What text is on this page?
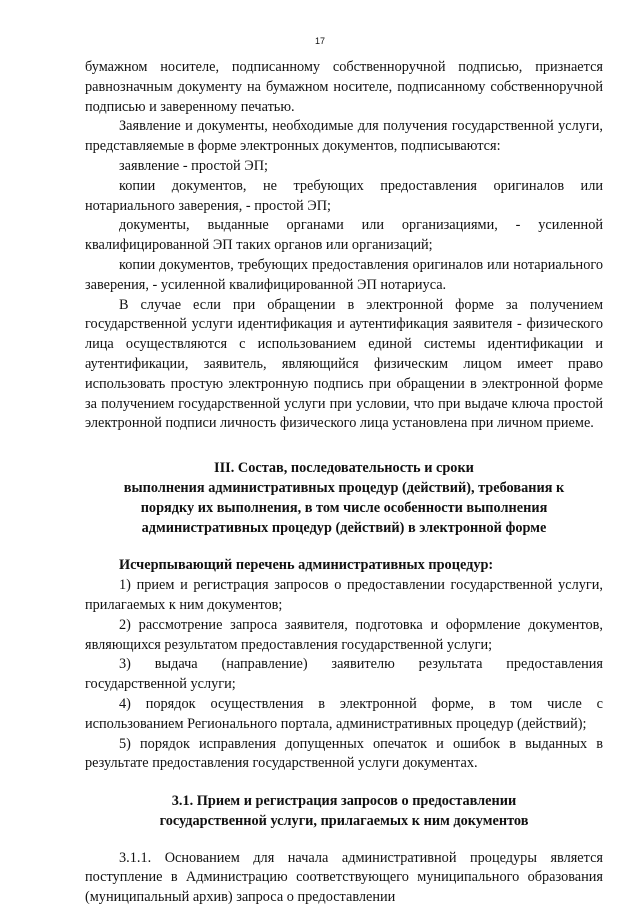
17

бумажном носителе, подписанному собственноручной подписью, признается равнозначным документу на бумажном носителе, подписанному собственноручной подписью и заверенному печатью.

Заявление и документы, необходимые для получения государственной услуги, представляемые в форме электронных документов, подписываются:

заявление - простой ЭП;

копии документов, не требующих предоставления оригиналов или нотариального заверения, - простой ЭП;

документы, выданные органами или организациями, - усиленной квалифицированной ЭП таких органов или организаций;

копии документов, требующих предоставления оригиналов или нотариального заверения, - усиленной квалифицированной ЭП нотариуса.

В случае если при обращении в электронной форме за получением государственной услуги идентификация и аутентификация заявителя - физического лица осуществляются с использованием единой системы идентификации и аутентификации, заявитель, являющийся физическим лицом имеет право использовать простую электронную подпись при обращении в электронной форме за получением государственной услуги при условии, что при выдаче ключа простой электронной подписи личность физического лица установлена при личном приеме.

III. Состав, последовательность и сроки
выполнения административных процедур (действий), требования к
порядку их выполнения, в том числе особенности выполнения
административных процедур (действий) в электронной форме

Исчерпывающий перечень административных процедур:

1) прием и регистрация запросов о предоставлении государственной услуги, прилагаемых к ним документов;

2) рассмотрение запроса заявителя, подготовка и оформление документов, являющихся результатом предоставления государственной услуги;

3) выдача (направление) заявителю результата предоставления государственной услуги;

4) порядок осуществления в электронной форме, в том числе с использованием Регионального портала, административных процедур (действий);

5) порядок исправления допущенных опечаток и ошибок в выданных в результате предоставления государственной услуги документах.

3.1. Прием и регистрация запросов о предоставлении
государственной услуги, прилагаемых к ним документов

3.1.1. Основанием для начала административной процедуры является поступление в Администрацию соответствующего муниципального образования (муниципальный архив) запроса о предоставлении
